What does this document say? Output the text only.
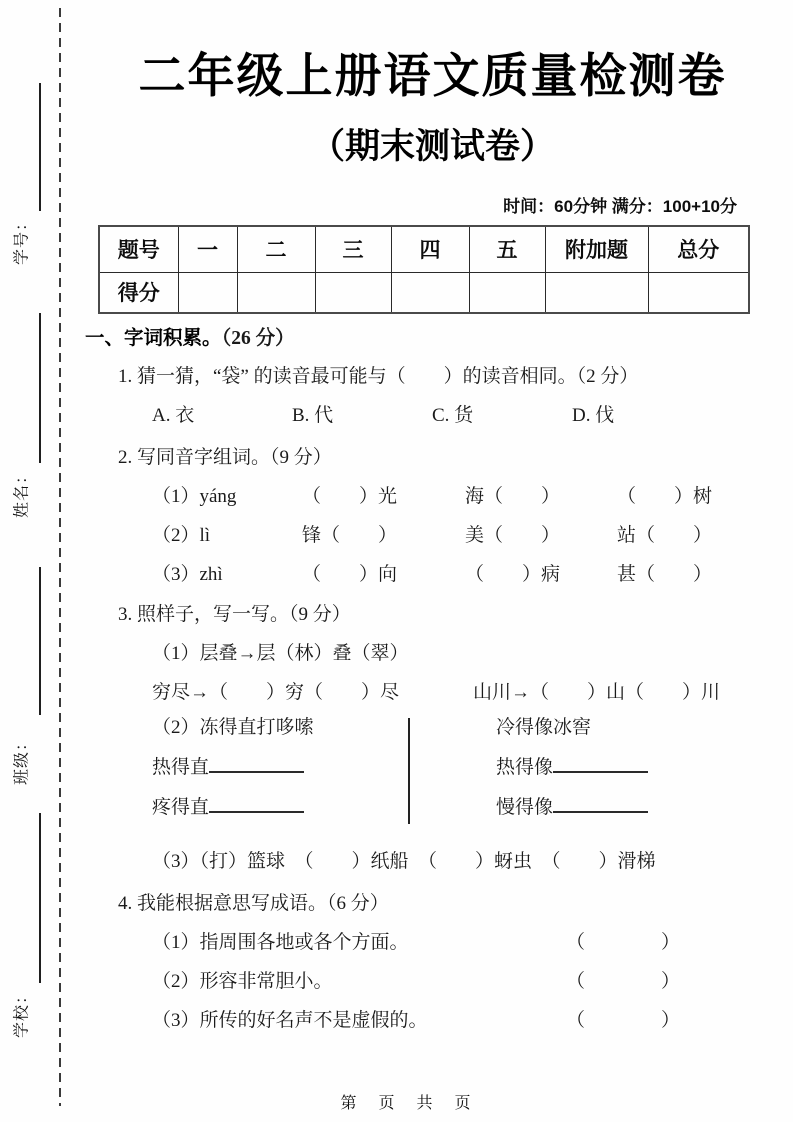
学号：
姓名：
班级：
学校：
二年级上册语文质量检测卷
（期末测试卷）
时间：60分钟 满分：100+10分
题号	一	二	三	四	五	附加题	总分
得分							
一、字词积累。（26 分）
1. 猜一猜，“袋” 的读音最可能与（　　）的读音相同。（2 分）
A. 衣	B. 代	C. 货	D. 伐
2. 写同音字组词。（9 分）
（1）yáng	（　　）光	海（　　）	（　　）树
（2）lì	锋（　　）	美（　　）	站（　　）
（3）zhì	（　　）向	（　　）病	甚（　　）
3. 照样子，写一写。（9 分）
（1）层叠→层（林）叠（翠）
穷尽→（　　）穷（　　）尽	山川→（　　）山（　　）川
（2）冻得直打哆嗦
热得直
疼得直
冷得像冰窖
热得像
慢得像
（3）（打）篮球　（　　）纸船　（　　）蚜虫　（　　）滑梯
4. 我能根据意思写成语。（6 分）
（1）指周围各地或各个方面。	（　　　　）
（2）形容非常胆小。	（　　　　）
（3）所传的好名声不是虚假的。	（　　　　）
第 页 共 页
